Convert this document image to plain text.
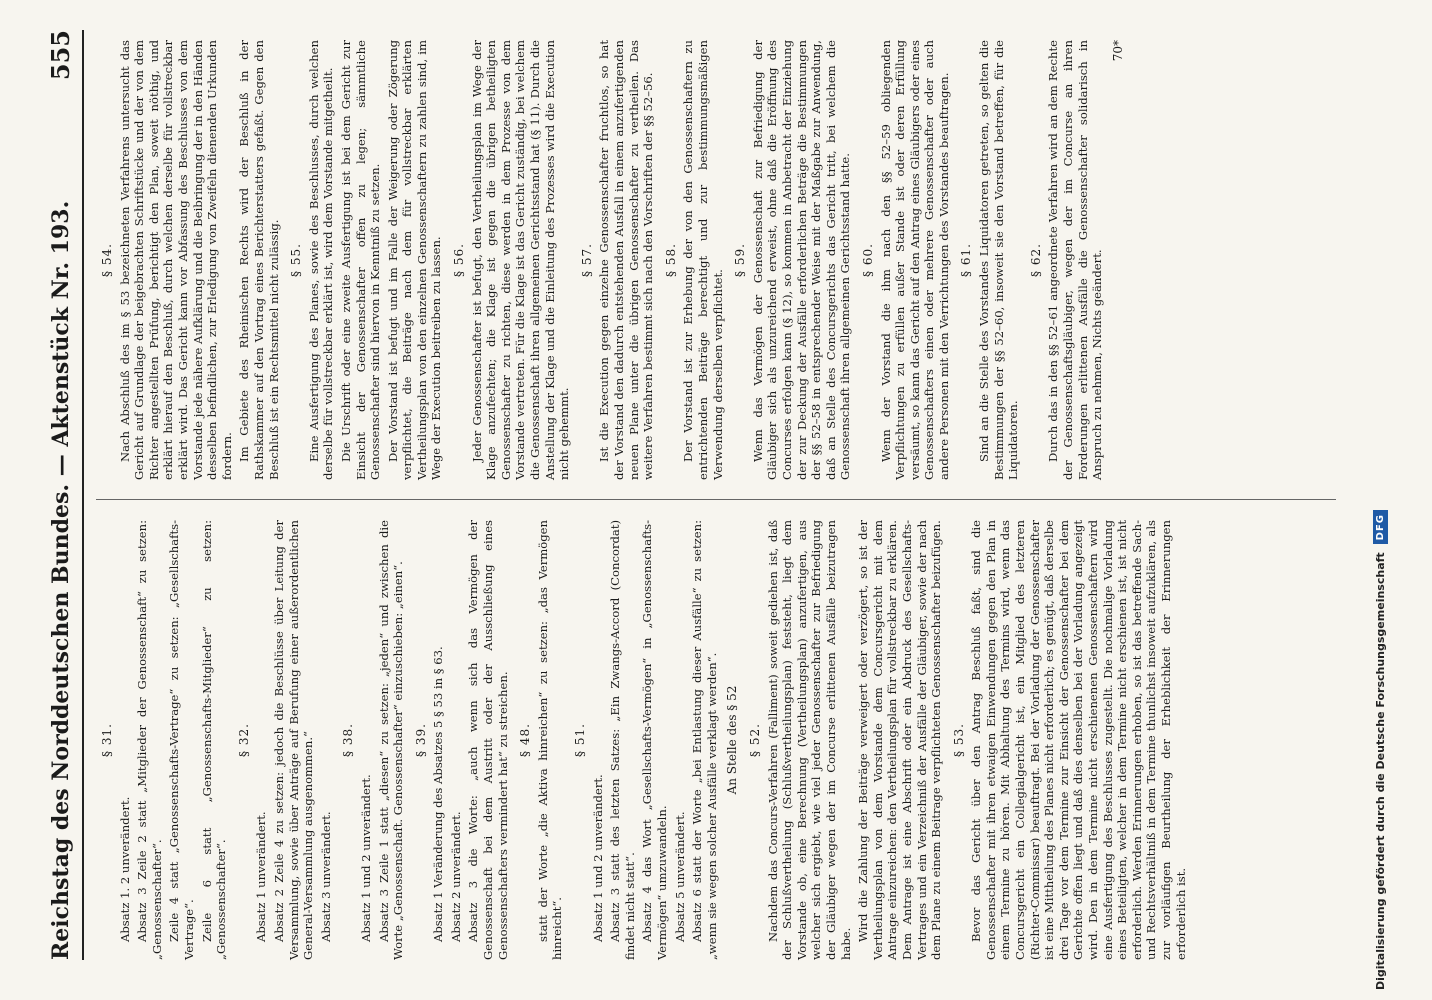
Reichstag des Norddeutschen Bundes. — Aktenstück Nr. 193.
555
§ 31.

Absatz 1. 2 unverändert. Absatz 3 Zeile 2 statt „Mitglieder der Genossenschaft“ zu setzen: „Genossenschafter“. Zeile 4 statt „Genossenschafts-Vertrage“ zu setzen: „Gesellschafts-Vertrage“. Zeile 6 statt „Genossenschafts-Mitglieder“ zu setzen: „Genossenschafter“.

§ 32.

Absatz 1 unverändert. Absatz 2 Zeile 4 zu setzen: jedoch die Beschlüsse über Leitung der Versammlung, sowie über Anträge auf Berufung einer außerordentlichen General-Versammlung ausgenommen.“ Absatz 3 unverändert.

§ 38.

Absatz 1 und 2 unverändert. Absatz 3 Zeile 1 statt „diesen“ zu setzen: „jeden“ und zwischen die Worte „Genossenschaft. Genossenschafter“ einzuschieben: „einen“. § 39. Absatz 1 Veränderung des Absatzes 5 § 53 in § 63. Absatz 2 unverändert. Absatz 3 die Worte: „auch wenn sich das Vermögen der Genossenschaft bei dem Austritt oder der Ausschließung eines Genossenschafters vermindert hat“ zu streichen. § 48. statt der Worte „die Aktiva hinreichen“ zu setzen: „das Vermögen hinreicht“.

§ 51.

Absatz 1 und 2 unverändert. Absatz 3 statt des letzten Satzes: „Ein Zwangs-Accord (Concordat) findet nicht statt“. Absatz 4 das Wort „Gesellschafts-Vermögen“ in „Genossenschafts-Vermögen“ umzuwandeln. Absatz 5 unverändert. Absatz 6 statt der Worte „bei Entlastung dieser Ausfälle“ zu setzen: „wenn sie wegen solcher Ausfälle verklagt werden“. An Stelle des § 52 § 52. Nachdem das Concurs-Verfahren (Falliment) soweit gediehen ist, daß der Schlußvertheilung (Schlußvertheilungsplan) feststeht, liegt dem Vorstande ob, eine Berechnung (Vertheilungsplan) anzufertigen, aus welcher sich ergiebt, wie viel jeder Genossenschafter zur Befriedigung der Gläubiger wegen der im Concurse erlittenen Ausfälle beizutragen habe.

Wird die Zahlung der Beiträge verweigert oder verzögert, so ist der Vertheilungsplan von dem Vorstande dem Concursgericht mit dem Antrage einzureichen: den Vertheilungsplan für vollstreckbar zu erklären. Dem Antrage ist eine Abschrift oder ein Abdruck des Gesellschafts-Vertrages und ein Verzeichniß der Ausfälle der Gläubiger, sowie der nach dem Plane zu einem Beitrage verpflichteten Genossenschafter beizufügen. § 53. Bevor das Gericht über den Antrag Beschluß faßt, sind die Genossenschafter mit ihren etwaigen Einwendungen gegen den Plan in einem Termine zu hören. Mit Abhaltung des Termins wird, wenn das Concursgericht ein Collegialgericht ist, ein Mitglied des letzteren (Richter-Commissar) beauftragt. Bei der Vorladung der Genossenschafter ist eine Mittheilung des Planes nicht erforderlich; es genügt, daß derselbe drei Tage vor dem Termine zur Einsicht der Genossenschafter bei dem Gerichte offen liegt und daß dies denselben bei der Vorladung angezeigt wird. Den in dem Termine nicht erschienenen Genossenschaftern wird eine Ausfertigung des Beschlusses zugestellt. Die nochmalige Vorladung eines Beteiligten, welcher in dem Termine nicht erschienen ist, ist nicht erforderlich. Werden Erinnerungen erhoben, so ist das betreffende Sach- und Rechtsverhältniß in dem Termine thunlichst insoweit aufzuklären, als zur vorläufigen Beurtheilung der Erheblichkeit der Erinnerungen erforderlich ist.

§ 54. Nach Abschluß des im § 53 bezeichneten Verfahrens untersucht das Gericht auf Grundlage der beigebrachten Schriftstücke und der von dem Richter angestellten Prüfung, berichtigt den Plan, soweit nöthig, und erklärt hierauf den Beschluß, durch welchen derselbe für vollstreckbar erklärt wird. Das Gericht kann vor Abfassung des Beschlusses von dem Vorstande jede nähere Aufklärung und die Beibringung der in den Händen desselben befindlichen, zur Erledigung von Zweifeln dienenden Urkunden fordern. Im Gebiete des Rheinischen Rechts wird der Beschluß in der Rathskammer auf den Vortrag eines Berichterstatters gefaßt. Gegen den Beschluß ist ein Rechtsmittel nicht zulässig. § 55. Eine Ausfertigung des Planes, sowie des Beschlusses, durch welchen derselbe für vollstreckbar erklärt ist, wird dem Vorstande mitgetheilt. Die Urschrift oder eine zweite Ausfertigung ist bei dem Gericht zur Einsicht der Genossenschafter offen zu legen; sämmtliche Genossenschafter sind hiervon in Kenntniß zu setzen. Der Vorstand ist befugt und im Falle der Weigerung oder Zögerung verpflichtet, die Beiträge nach dem für vollstreckbar erklärten Vertheilungsplan von den einzelnen Genossenschaftern zu zahlen sind, im Wege der Execution beitreiben zu lassen. § 56. Jeder Genossenschafter ist befugt, den Vertheilungsplan im Wege der Klage anzufechten; die Klage ist gegen die übrigen betheiligten Genossenschafter zu richten, diese werden in dem Prozesse von dem Vorstande vertreten. Für die Klage ist das Gericht zuständig, bei welchem die Genossenschaft ihren allgemeinen Gerichtsstand hat (§ 11). Durch die Anstellung der Klage und die Einleitung des Prozesses wird die Execution nicht gehemmt.

§ 57. Ist die Execution gegen einzelne Genossenschafter fruchtlos, so hat der Vorstand den dadurch entstehenden Ausfall in einem anzufertigenden neuen Plane unter die übrigen Genossenschafter zu vertheilen. Das weitere Verfahren bestimmt sich nach den Vorschriften der §§ 52–56. § 58. Der Vorstand ist zur Erhebung der von den Genossenschaftern zu entrichtenden Beiträge berechtigt und zur bestimmungsmäßigen Verwendung derselben verpflichtet.

§ 59. Wenn das Vermögen der Genossenschaft zur Befriedigung der Gläubiger sich als unzureichend erweist, ohne daß die Eröffnung des Concurses erfolgen kann (§ 12), so kommen in Anbetracht der Einziehung der zur Deckung der Ausfälle erforderlichen Beträge die Bestimmungen der §§ 52–58 in entsprechender Weise mit der Maßgabe zur Anwendung, daß an Stelle des Concursgerichts das Gericht tritt, bei welchem die Genossenschaft ihren allgemeinen Gerichtsstand hatte. § 60. Wenn der Vorstand die ihm nach den §§ 52–59 obliegenden Verpflichtungen zu erfüllen außer Stande ist oder deren Erfüllung versäumt, so kann das Gericht auf den Antrag eines Gläubigers oder eines Genossenschafters einen oder mehrere Genossenschafter oder auch andere Personen mit den Verrichtungen des Vorstandes beauftragen. § 61. Sind an die Stelle des Vorstandes Liquidatoren getreten, so gelten die Bestimmungen der §§ 52–60, insoweit sie den Vorstand betreffen, für die Liquidatoren.

§ 62. Durch das in den §§ 52–61 angeordnete Verfahren wird an dem Rechte der Genossenschaftsgläubiger, wegen der im Concurse an ihren Forderungen erlittenen Ausfälle die Genossenschafter solidarisch in Anspruch zu nehmen, Nichts geändert.

70*
Digitalisierung gefördert durch die Deutsche Forschungsgemeinschaft
DFG
